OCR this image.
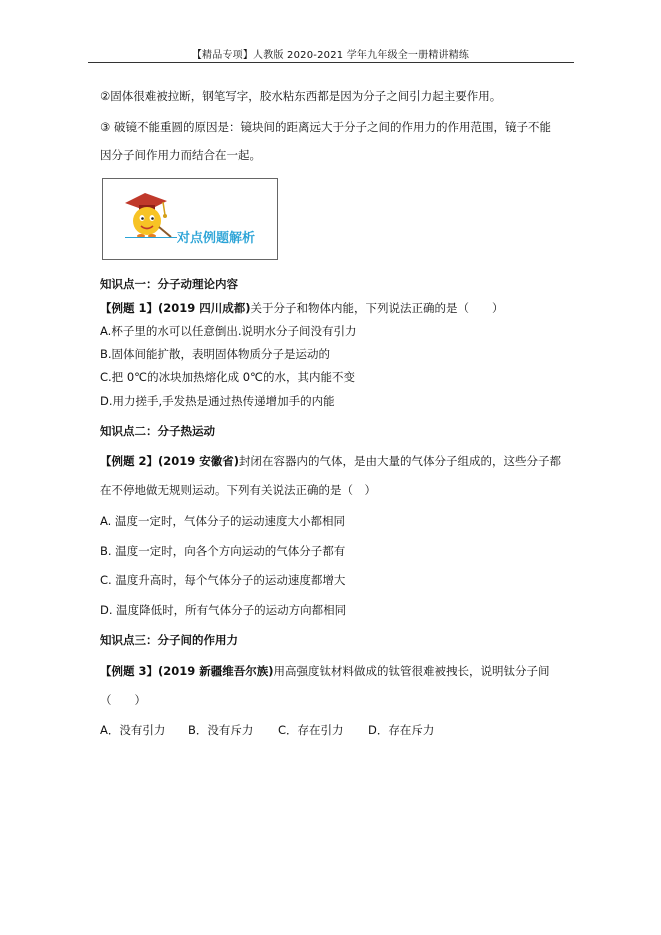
【精品专项】人教版 2020-2021 学年九年级全一册精讲精练
②固体很难被拉断，钢笔写字，胶水粘东西都是因为分子之间引力起主要作用。
③ 破镜不能重圆的原因是：镜块间的距离远大于分子之间的作用力的作用范围，镜子不能
因分子间作用力而结合在一起。
对点例题解析
知识点一：分子动理论内容
【例题 1】(2019 四川成都)关于分子和物体内能，下列说法正确的是（　　）
A.杯子里的水可以任意倒出.说明水分子间没有引力
B.固体间能扩散，表明固体物质分子是运动的
C.把 0℃的冰块加热熔化成 0℃的水，其内能不变
D.用力搓手,手发热是通过热传递增加手的内能
知识点二：分子热运动
【例题 2】(2019 安徽省)封闭在容器内的气体，是由大量的气体分子组成的，这些分子都
在不停地做无规则运动。下列有关说法正确的是（　）
A. 温度一定时，气体分子的运动速度大小都相同
B. 温度一定时，向各个方向运动的气体分子都有
C. 温度升高时，每个气体分子的运动速度都增大
D. 温度降低时，所有气体分子的运动方向都相同
知识点三：分子间的作用力
【例题 3】(2019 新疆维吾尔族)用高强度钛材料做成的钛管很难被拽长，说明钛分子间
（　　）
A．没有引力 B．没有斥力 C．存在引力 D．存在斥力
